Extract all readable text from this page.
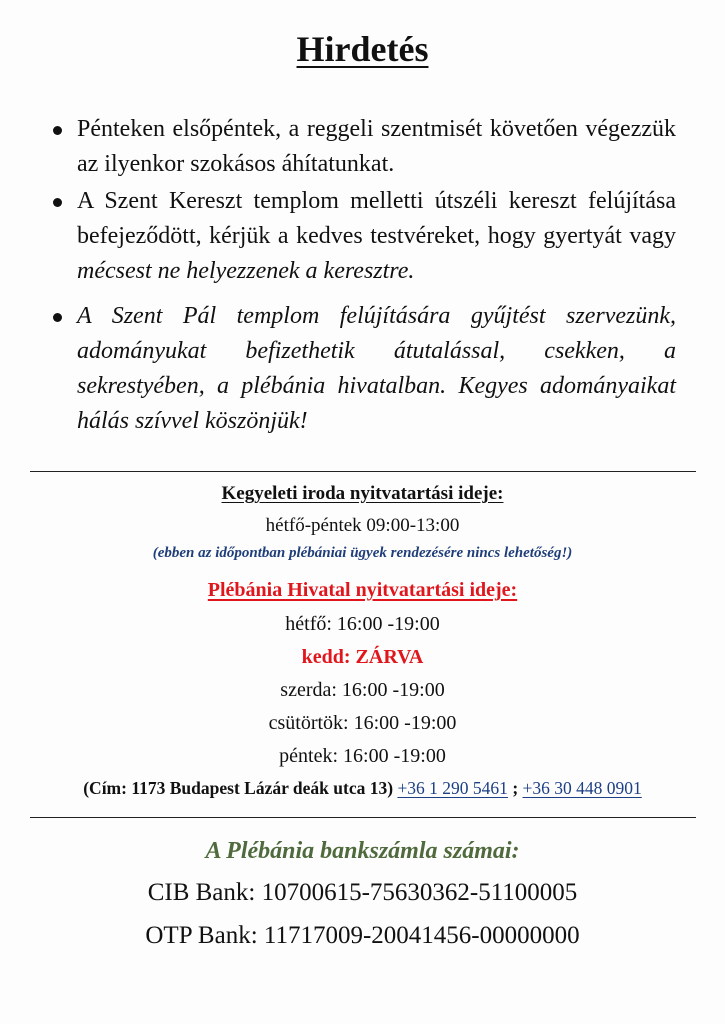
Hirdetés
Pénteken elsőpéntek, a reggeli szentmisét követően végezzük az ilyenkor szokásos áhítatunkat.
A Szent Kereszt templom melletti útszéli kereszt felújítása befejeződött, kérjük a kedves testvéreket, hogy gyertyát vagy mécsest ne helyezzenek a keresztre.
A Szent Pál templom felújítására gyűjtést szervezünk, adományukat befizethetik átutalással, csekken, a sekrestyében, a plébánia hivatalban. Kegyes adományaikat hálás szívvel köszönjük!
Kegyeleti iroda nyitvatartási ideje:
hétfő-péntek 09:00-13:00
(ebben az időpontban plébániai ügyek rendezésére nincs lehetőség!)
Plébánia Hivatal nyitvatartási ideje:
hétfő: 16:00 -19:00
kedd: ZÁRVA
szerda: 16:00 -19:00
csütörtök: 16:00 -19:00
péntek: 16:00 -19:00
(Cím: 1173 Budapest Lázár deák utca 13) +36 1 290 5461 ; +36 30 448 0901
A Plébánia bankszámla számai:
CIB Bank: 10700615-75630362-51100005
OTP Bank: 11717009-20041456-00000000
